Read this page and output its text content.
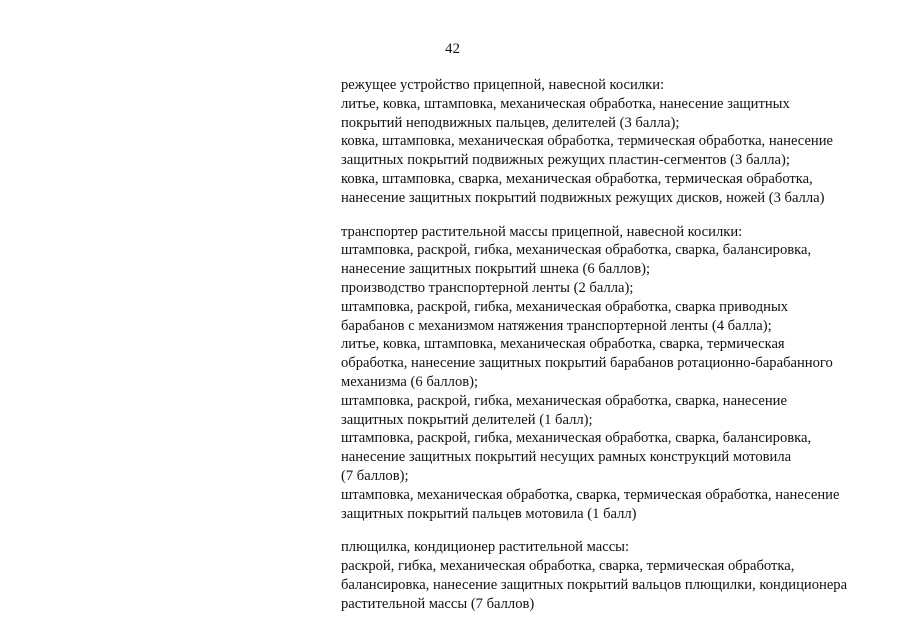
42
режущее устройство прицепной, навесной косилки:
литье, ковка, штамповка, механическая обработка, нанесение защитных
покрытий неподвижных пальцев, делителей (3 балла);
ковка, штамповка, механическая обработка, термическая обработка, нанесение
защитных покрытий подвижных режущих пластин-сегментов (3 балла);
ковка, штамповка, сварка, механическая обработка, термическая обработка,
нанесение защитных покрытий подвижных режущих дисков, ножей (3 балла)
транспортер растительной массы прицепной, навесной косилки:
штамповка, раскрой, гибка, механическая обработка, сварка, балансировка,
нанесение защитных покрытий шнека (6 баллов);
производство транспортерной ленты (2 балла);
штамповка, раскрой, гибка, механическая обработка, сварка приводных
барабанов с механизмом натяжения транспортерной ленты (4 балла);
литье, ковка, штамповка, механическая обработка, сварка, термическая
обработка, нанесение защитных покрытий барабанов ротационно-барабанного
механизма (6 баллов);
штамповка, раскрой, гибка, механическая обработка, сварка, нанесение
защитных покрытий делителей (1 балл);
штамповка, раскрой, гибка, механическая обработка, сварка, балансировка,
нанесение защитных покрытий несущих рамных конструкций мотовила
(7 баллов);
штамповка, механическая обработка, сварка, термическая обработка, нанесение
защитных покрытий пальцев мотовила (1 балл)
плющилка, кондиционер растительной массы:
раскрой, гибка, механическая обработка, сварка, термическая обработка,
балансировка, нанесение защитных покрытий вальцов плющилки, кондиционера
растительной массы (7 баллов)
